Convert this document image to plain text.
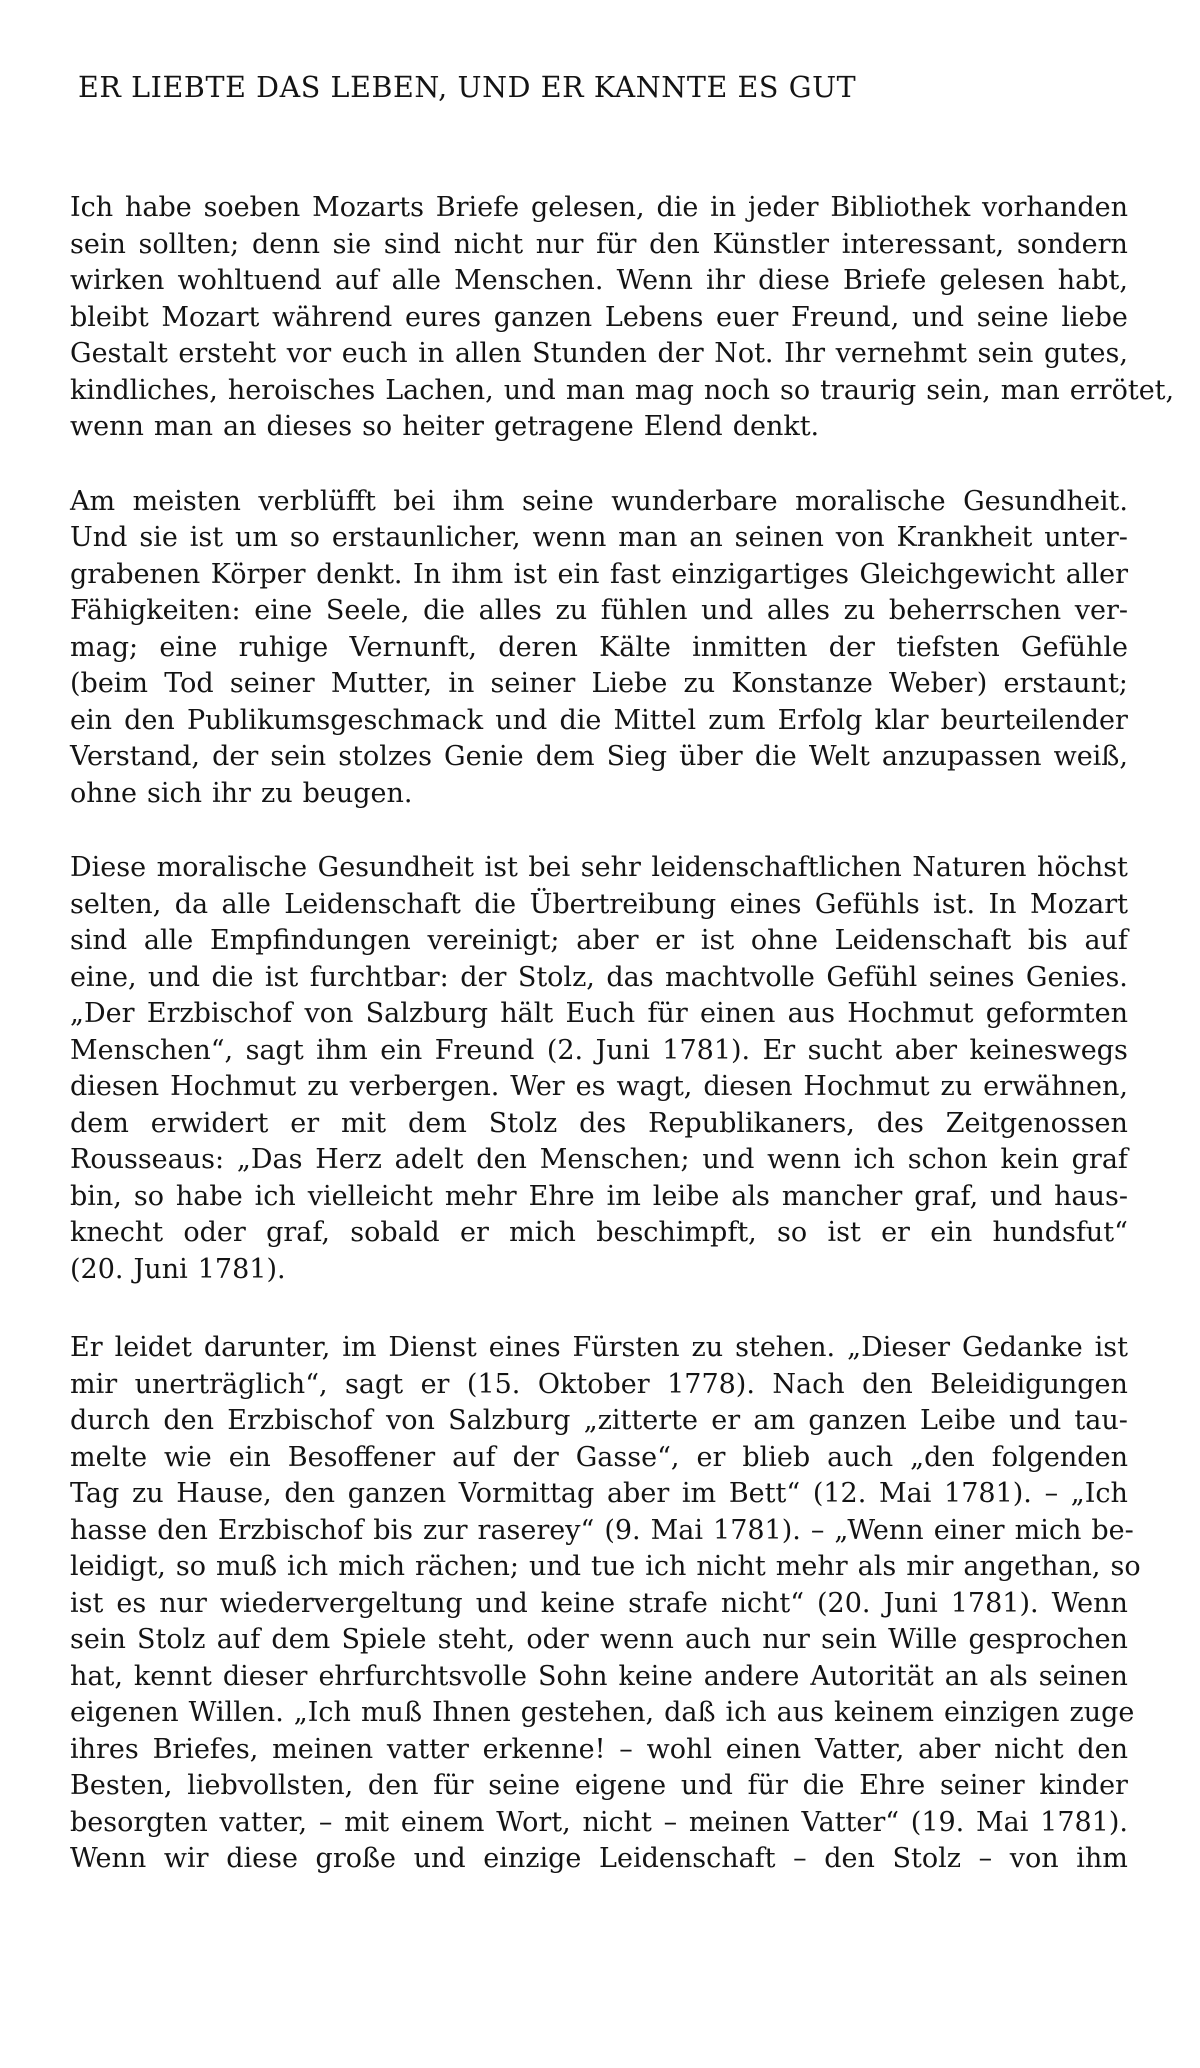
ER LIEBTE DAS LEBEN, UND ER KANNTE ES GUT
Ich habe soeben Mozarts Briefe gelesen, die in jeder Bibliothek vorhanden
sein sollten; denn sie sind nicht nur für den Künstler interessant, sondern
wirken wohltuend auf alle Menschen. Wenn ihr diese Briefe gelesen habt,
bleibt Mozart während eures ganzen Lebens euer Freund, und seine liebe
Gestalt ersteht vor euch in allen Stunden der Not. Ihr vernehmt sein gutes,
kindliches, heroisches Lachen, und man mag noch so traurig sein, man errötet,
wenn man an dieses so heiter getragene Elend denkt.
Am meisten verblüfft bei ihm seine wunderbare moralische Gesundheit.
Und sie ist um so erstaunlicher, wenn man an seinen von Krankheit unter-
grabenen Körper denkt. In ihm ist ein fast einzigartiges Gleichgewicht aller
Fähigkeiten: eine Seele, die alles zu fühlen und alles zu beherrschen ver-
mag; eine ruhige Vernunft, deren Kälte inmitten der tiefsten Gefühle
(beim Tod seiner Mutter, in seiner Liebe zu Konstanze Weber) erstaunt;
ein den Publikumsgeschmack und die Mittel zum Erfolg klar beurteilender
Verstand, der sein stolzes Genie dem Sieg über die Welt anzupassen weiß,
ohne sich ihr zu beugen.
Diese moralische Gesundheit ist bei sehr leidenschaftlichen Naturen höchst
selten, da alle Leidenschaft die Übertreibung eines Gefühls ist. In Mozart
sind alle Empfindungen vereinigt; aber er ist ohne Leidenschaft bis auf
eine, und die ist furchtbar: der Stolz, das machtvolle Gefühl seines Genies.
„Der Erzbischof von Salzburg hält Euch für einen aus Hochmut geformten
Menschen“, sagt ihm ein Freund (2. Juni 1781). Er sucht aber keineswegs
diesen Hochmut zu verbergen. Wer es wagt, diesen Hochmut zu erwähnen,
dem erwidert er mit dem Stolz des Republikaners, des Zeitgenossen
Rousseaus: „Das Herz adelt den Menschen; und wenn ich schon kein graf
bin, so habe ich vielleicht mehr Ehre im leibe als mancher graf, und haus-
knecht oder graf, sobald er mich beschimpft, so ist er ein hundsfut“
(20. Juni 1781).
Er leidet darunter, im Dienst eines Fürsten zu stehen. „Dieser Gedanke ist
mir unerträglich“, sagt er (15. Oktober 1778). Nach den Beleidigungen
durch den Erzbischof von Salzburg „zitterte er am ganzen Leibe und tau-
melte wie ein Besoffener auf der Gasse“, er blieb auch „den folgenden
Tag zu Hause, den ganzen Vormittag aber im Bett“ (12. Mai 1781). – „Ich
hasse den Erzbischof bis zur raserey“ (9. Mai 1781). – „Wenn einer mich be-
leidigt, so muß ich mich rächen; und tue ich nicht mehr als mir angethan, so
ist es nur wiedervergeltung und keine strafe nicht“ (20. Juni 1781). Wenn
sein Stolz auf dem Spiele steht, oder wenn auch nur sein Wille gesprochen
hat, kennt dieser ehrfurchtsvolle Sohn keine andere Autorität an als seinen
eigenen Willen. „Ich muß Ihnen gestehen, daß ich aus keinem einzigen zuge
ihres Briefes, meinen vatter erkenne! – wohl einen Vatter, aber nicht den
Besten, liebvollsten, den für seine eigene und für die Ehre seiner kinder
besorgten vatter, – mit einem Wort, nicht – meinen Vatter“ (19. Mai 1781).
Wenn wir diese große und einzige Leidenschaft – den Stolz – von ihm
